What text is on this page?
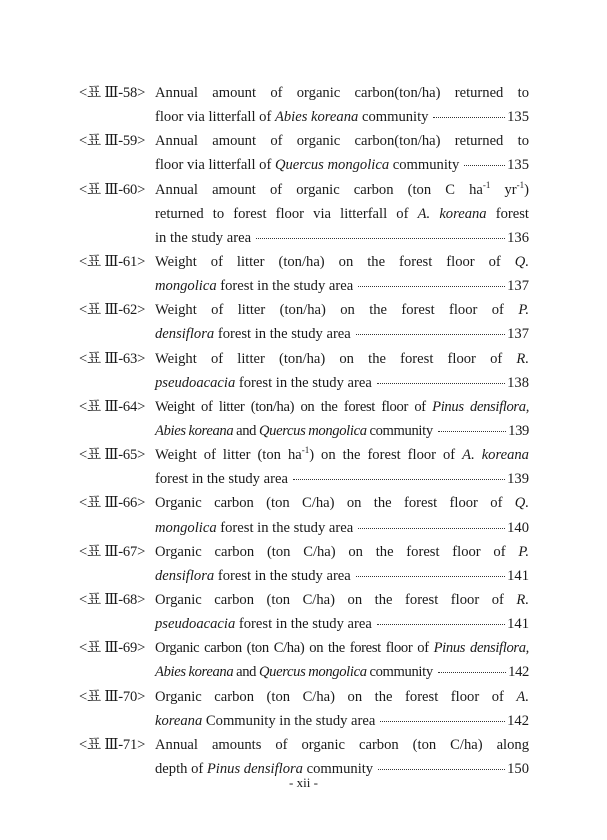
<표 Ⅲ-58> Annual amount of organic carbon(ton/ha) returned to
floor via litterfall of Abies koreana community	135
<표 Ⅲ-59> Annual amount of organic carbon(ton/ha) returned to
floor via litterfall of Quercus mongolica community	135
<표 Ⅲ-60> Annual amount of organic carbon (ton C $ha^{-1}$ $yr^{-1}$)
returned to forest floor via litterfall of A. koreana forest
in the study area	136
<표 Ⅲ-61> Weight of litter (ton/ha) on the forest floor of Q.
mongolica forest in the study area	137
<표 Ⅲ-62> Weight of litter (ton/ha) on the forest floor of P.
densiflora forest in the study area	137
<표 Ⅲ-63> Weight of litter (ton/ha) on the forest floor of R.
pseudoacacia forest in the study area	138
<표 Ⅲ-64> Weight of litter (ton/ha) on the forest floor of Pinus densiflora,
Abies koreana and Quercus mongolica community	139
<표 Ⅲ-65> Weight of litter (ton $ha^{-1}$) on the forest floor of A. koreana
forest in the study area	139
<표 Ⅲ-66> Organic carbon (ton C/ha) on the forest floor of Q.
mongolica forest in the study area	140
<표 Ⅲ-67> Organic carbon (ton C/ha) on the forest floor of P.
densiflora forest in the study area	141
<표 Ⅲ-68> Organic carbon (ton C/ha) on the forest floor of R.
pseudoacacia forest in the study area	141
<표 Ⅲ-69> Organic carbon (ton C/ha) on the forest floor of Pinus densiflora,
Abies koreana and Quercus mongolica community	142
<표 Ⅲ-70> Organic carbon (ton C/ha) on the forest floor of A.
koreana Community in the study area	142
<표 Ⅲ-71> Annual amounts of organic carbon (ton C/ha) along
depth of Pinus densiflora community	150
- xii -
